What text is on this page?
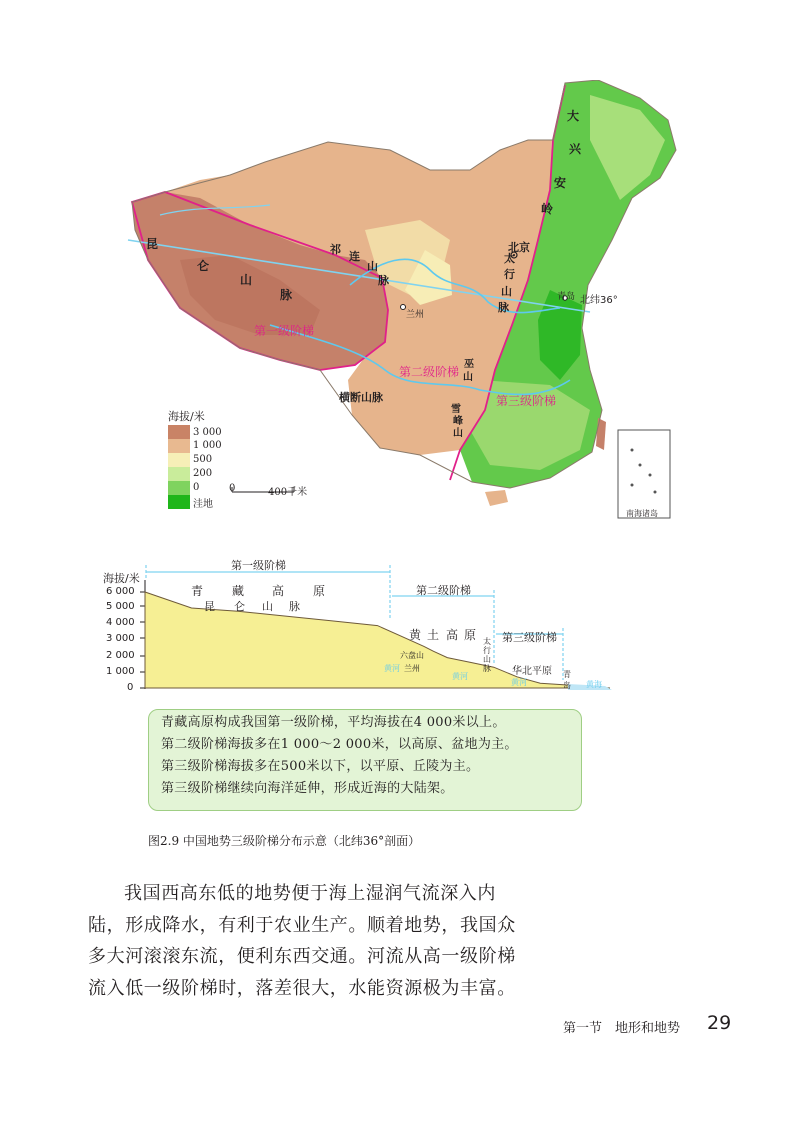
昆
仑
山
脉
祁
连
山
脉
大
兴
安
岭
太
行
山
脉
巫
山
雪
峰
山
横断山脉
北京
兰州
青岛 北纬36°
南海诸岛
第一级阶梯
第二级阶梯
第三级阶梯
海拔/米
3 000
1 000
500
200
0
洼地
0	400千米
海拔/米
6 000
5 000
4 000
3 000
2 000
1 000
0
第一级阶梯
第二级阶梯
第三级阶梯
青 藏 高 原
昆 仑 山 脉
黄 土 高 原
六盘山
兰州
太
行
山
脉 华北平原 青
岛
黄河
黄河
黄河	黄海

青藏高原构成我国第一级阶梯，平均海拔在4 000米以上。

第二级阶梯海拔多在1 000～2 000米，以高原、盆地为主。

第三级阶梯海拔多在500米以下，以平原、丘陵为主。

第三级阶梯继续向海洋延伸，形成近海的大陆架。

图2.9 中国地势三级阶梯分布示意（北纬36°剖面）

我国西高东低的地势便于海上湿润气流深入内

陆，形成降水，有利于农业生产。顺着地势，我国众

多大河滚滚东流，便利东西交通。河流从高一级阶梯

流入低一级阶梯时，落差很大，水能资源极为丰富。

第一节　地形和地势 29
